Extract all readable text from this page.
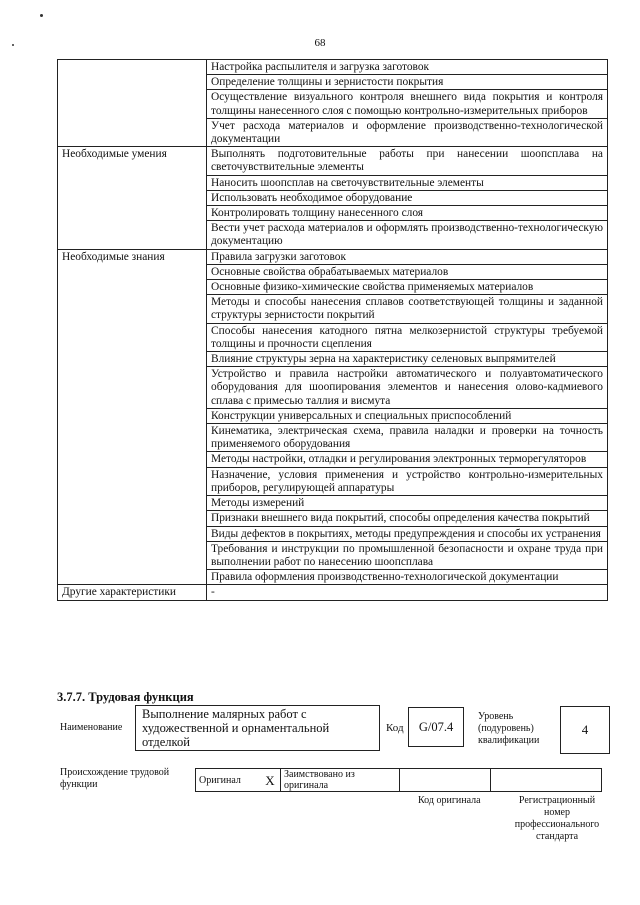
68
	Настройка распылителя и загрузка заготовок
	Определение толщины и зернистости покрытия
	Осуществление визуального контроля внешнего вида покрытия и контроля толщины нанесенного слоя с помощью контрольно-измерительных приборов
	Учет расхода материалов и оформление производственно-технологической документации
Необходимые умения	Выполнять подготовительные работы при нанесении шоопсплава на светочувствительные элементы
	Наносить шоопсплав на светочувствительные элементы
	Использовать необходимое оборудование
	Контролировать толщину нанесенного слоя
	Вести учет расхода материалов и оформлять производственно-технологическую документацию
Необходимые знания	Правила загрузки заготовок
	Основные свойства обрабатываемых материалов
	Основные физико-химические свойства применяемых материалов
	Методы и способы нанесения сплавов соответствующей толщины и заданной структуры зернистости покрытий
	Способы нанесения катодного пятна мелкозернистой структуры требуемой толщины и прочности сцепления
	Влияние структуры зерна на характеристику селеновых выпрямителей
	Устройство и правила настройки автоматического и полуавтоматического оборудования для шоопирования элементов и нанесения олово-кадмиевого сплава с примесью таллия и висмута
	Конструкции универсальных и специальных приспособлений
	Кинематика, электрическая схема, правила наладки и проверки на точность применяемого оборудования
	Методы настройки, отладки и регулирования электронных терморегуляторов
	Назначение, условия применения и устройство контрольно-измерительных приборов, регулирующей аппаратуры
	Методы измерений
	Признаки внешнего вида покрытий, способы определения качества покрытий
	Виды дефектов в покрытиях, методы предупреждения и способы их устранения
	Требования и инструкции по промышленной безопасности и охране труда при выполнении работ по нанесению шоопсплава
	Правила оформления производственно-технологической документации
Другие характеристики	-
3.7.7. Трудовая функция
Наименование
Выполнение малярных работ с художественной и орнаментальной отделкой
Код	G/07.4
Уровень (подуровень) квалификации
4
Происхождение трудовой функции	Оригинал	X	Заимствовано из оригинала		
Код оригинала	Регистрационный номер профессионального стандарта
